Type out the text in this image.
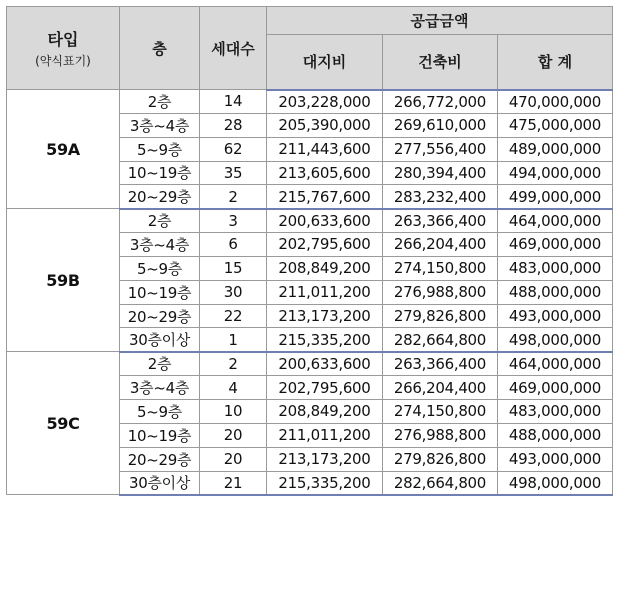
타입
(약식표기)	층	세대수	공급금액		
			대지비	건축비	합 계
59A	2층	14	203,228,000	266,772,000	470,000,000
	3층~4층	28	205,390,000	269,610,000	475,000,000
	5~9층	62	211,443,600	277,556,400	489,000,000
	10~19층	35	213,605,600	280,394,400	494,000,000
	20~29층	2	215,767,600	283,232,400	499,000,000
59B	2층	3	200,633,600	263,366,400	464,000,000
	3층~4층	6	202,795,600	266,204,400	469,000,000
	5~9층	15	208,849,200	274,150,800	483,000,000
	10~19층	30	211,011,200	276,988,800	488,000,000
	20~29층	22	213,173,200	279,826,800	493,000,000
	30층이상	1	215,335,200	282,664,800	498,000,000
59C	2층	2	200,633,600	263,366,400	464,000,000
	3층~4층	4	202,795,600	266,204,400	469,000,000
	5~9층	10	208,849,200	274,150,800	483,000,000
	10~19층	20	211,011,200	276,988,800	488,000,000
	20~29층	20	213,173,200	279,826,800	493,000,000
	30층이상	21	215,335,200	282,664,800	498,000,000
